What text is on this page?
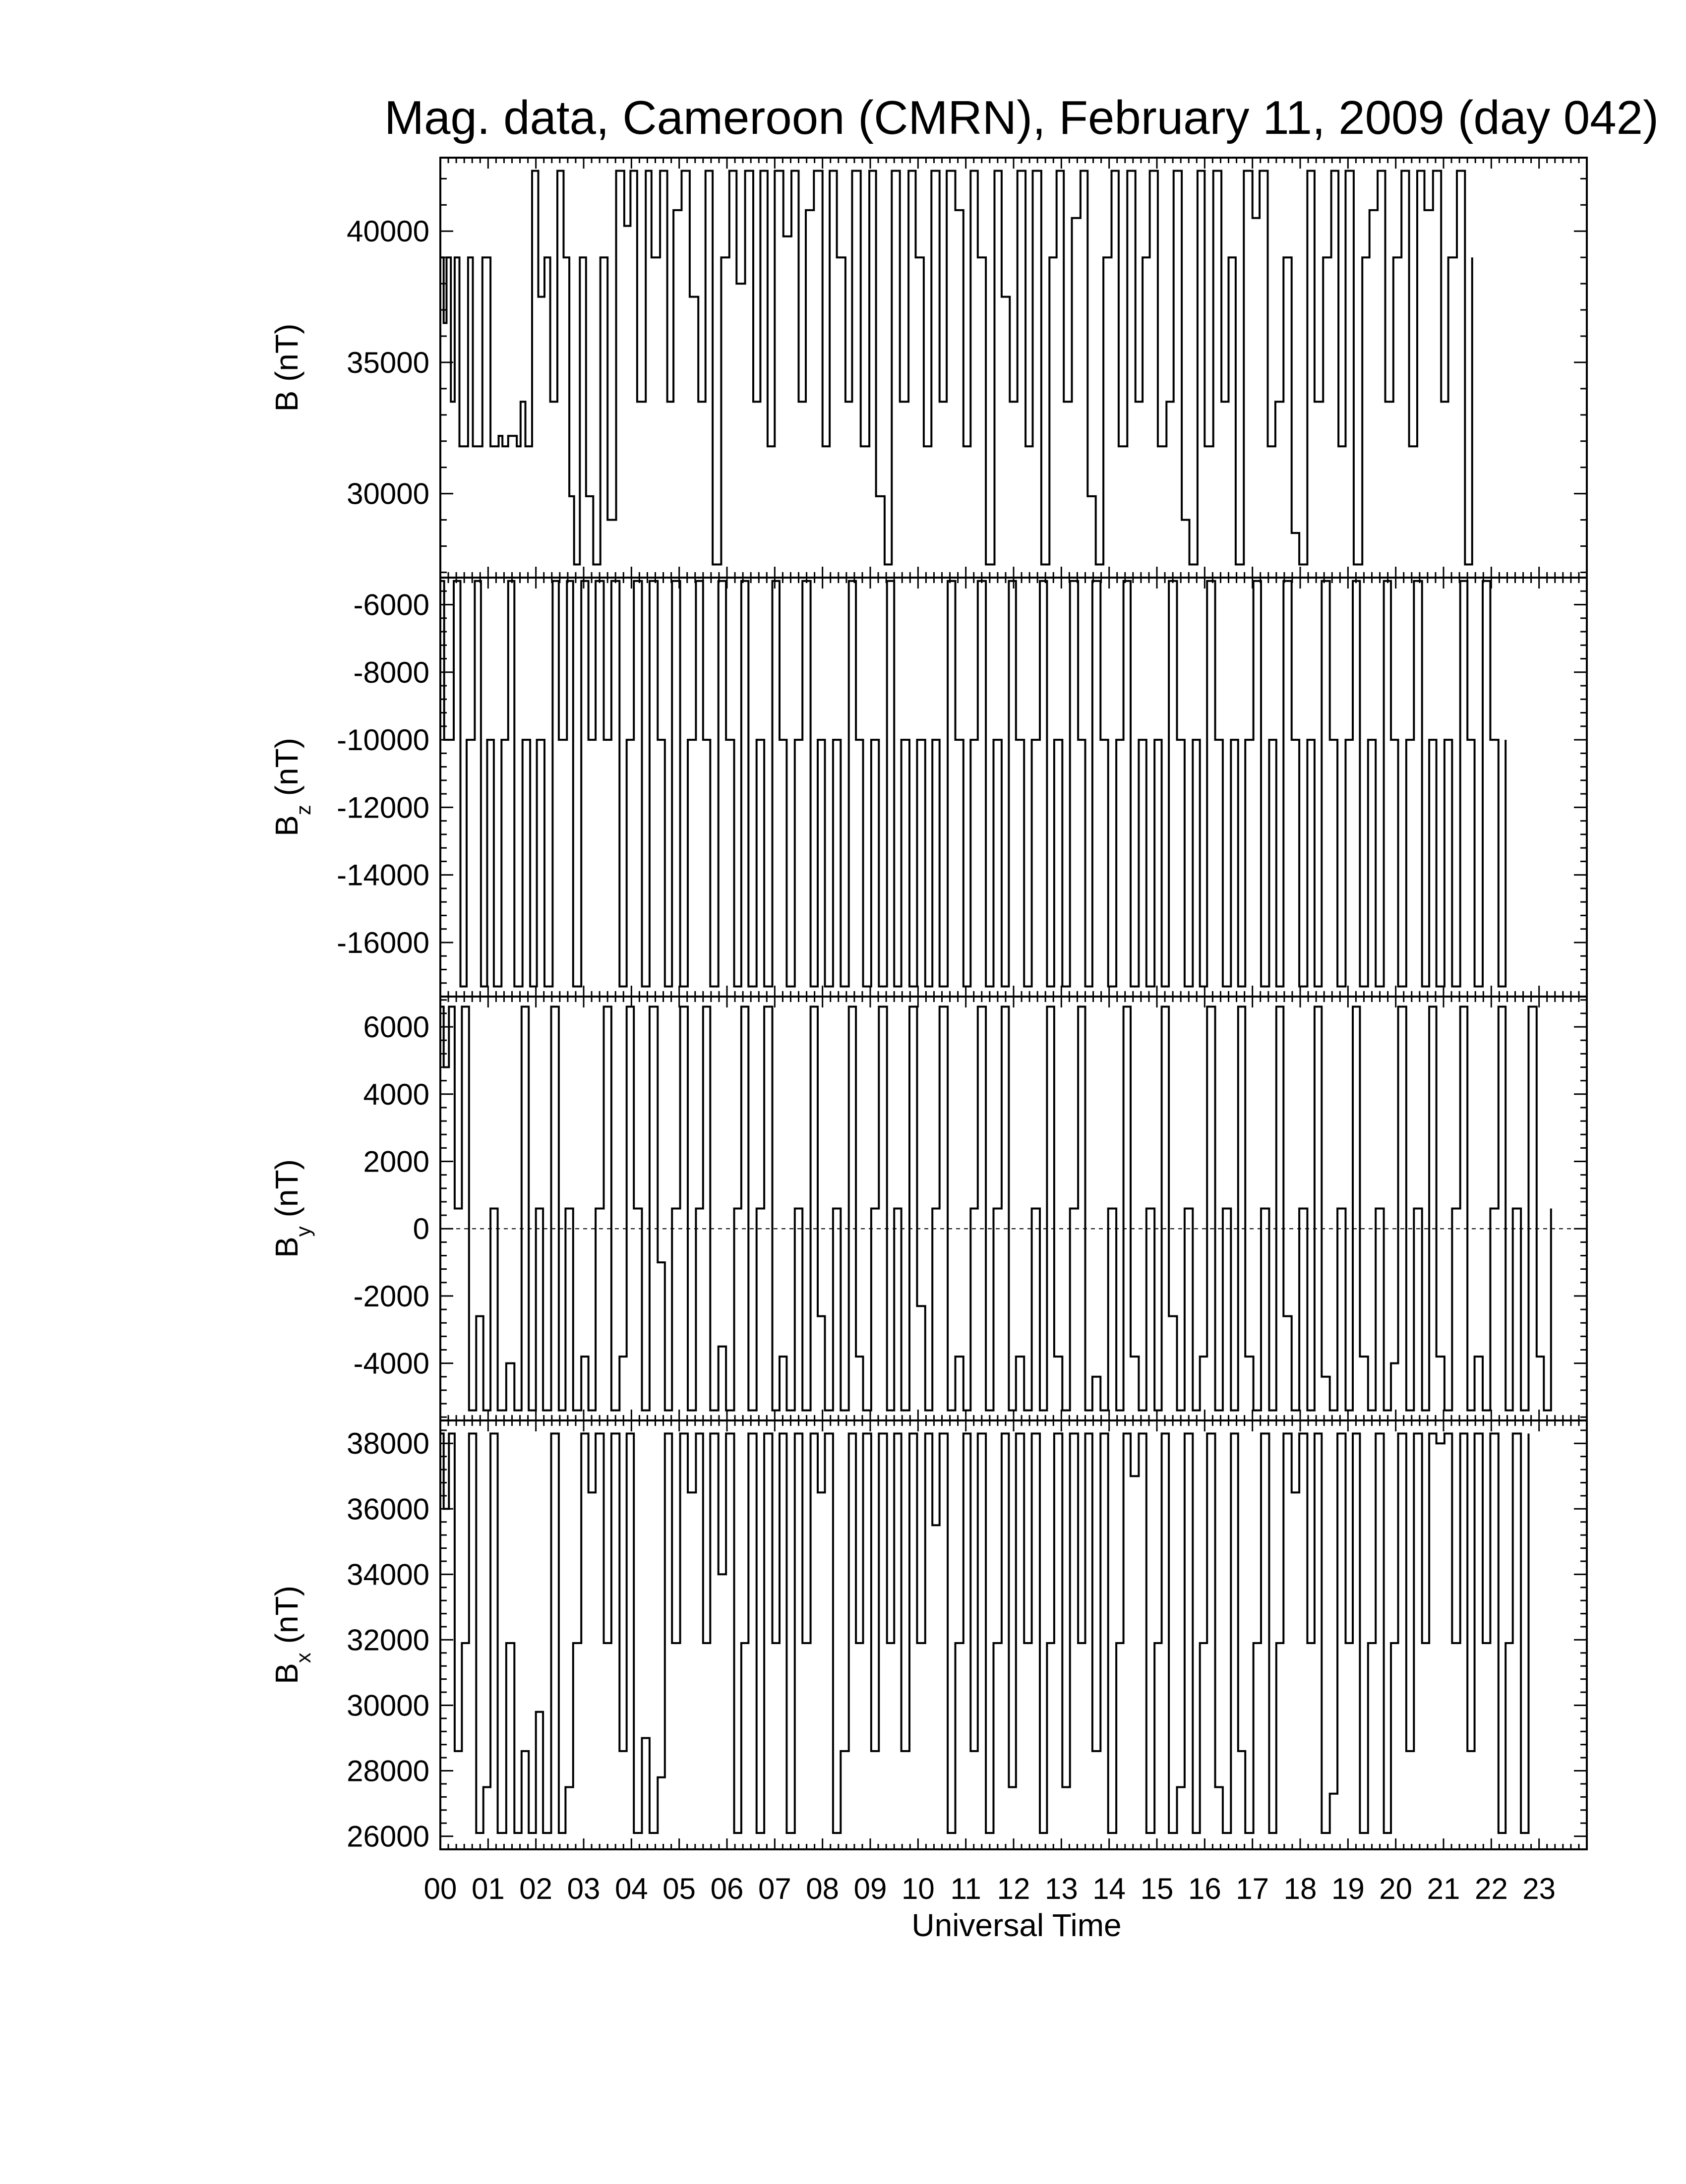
Mag. data, Cameroon (CMRN), February 11, 2009 (day 042)
30000
35000
40000
B (nT)
-16000
-14000
-12000
-10000
-8000
-6000
$B_z$ (nT)
-4000
-2000
0
2000
4000
6000
$B_y$ (nT)
26000
28000
30000
32000
34000
36000
38000
$B_x$ (nT)
00 01 02 03 04 05 06 07 08 09 10 11 12 13 14 15 16 17 18 19 20 21 22 23
Universal Time
